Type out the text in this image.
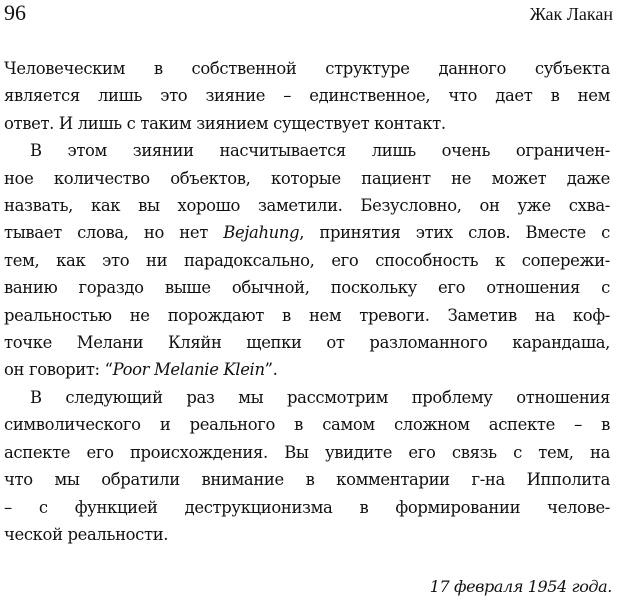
96	Жак Лакан
Человеческим в собственной структуре данного субъекта
является лишь это зияние – единственное, что дает в нем
ответ. И лишь с таким зиянием существует контакт.
В этом зиянии насчитывается лишь очень ограничен-
ное количество объектов, которые пациент не может даже
назвать, как вы хорошо заметили. Безусловно, он уже схва-
тывает слова, но нет Bejahung, принятия этих слов. Вместе с
тем, как это ни парадоксально, его способность к сопережи-
ванию гораздо выше обычной, поскольку его отношения с
реальностью не порождают в нем тревоги. Заметив на коф-
точке Мелани Кляйн щепки от разломанного карандаша,
он говорит: “Poor Melanie Klein”.
В следующий раз мы рассмотрим проблему отношения
символического и реального в самом сложном аспекте – в
аспекте его происхождения. Вы увидите его связь с тем, на
что мы обратили внимание в комментарии г-на Ипполита
– с функцией деструкционизма в формировании челове-
ческой реальности.
17 февраля 1954 года.
